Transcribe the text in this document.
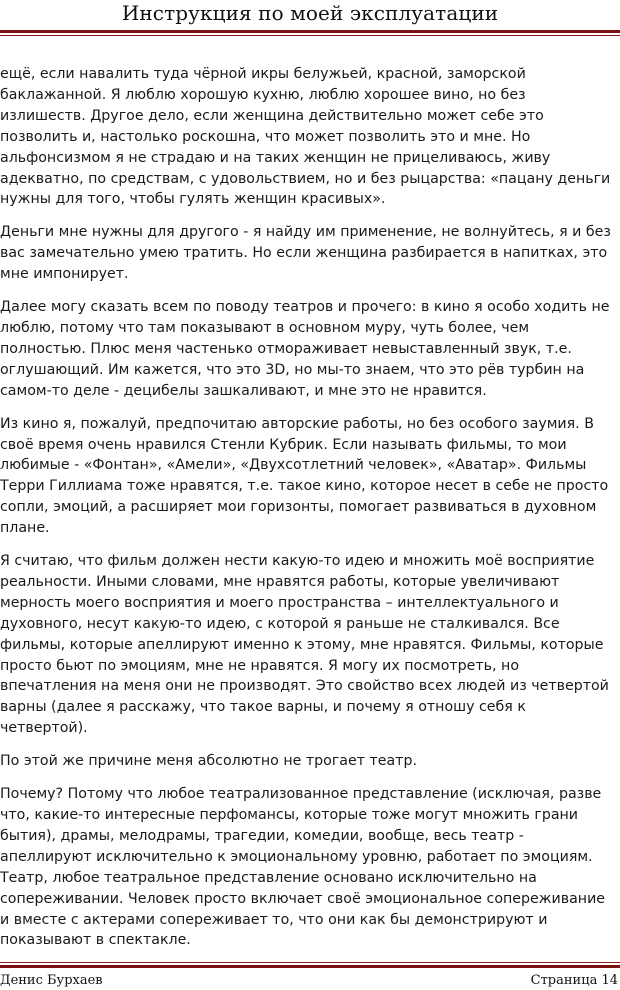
Инструкция по моей эксплуатации

ещё, если навалить туда чёрной икры белужьей, красной, заморской
баклажанной. Я люблю хорошую кухню, люблю хорошее вино, но без
излишеств. Другое дело, если женщина действительно может себе это
позволить и, настолько роскошна, что может позволить это и мне. Но
альфонсизмом я не страдаю и на таких женщин не прицеливаюсь, живу
адекватно, по средствам, с удовольствием, но и без рыцарства: «пацану деньги
нужны для того, чтобы гулять женщин красивых».

Деньги мне нужны для другого - я найду им применение, не волнуйтесь, я и без
вас замечательно умею тратить. Но если женщина разбирается в напитках, это
мне импонирует.

Далее могу сказать всем по поводу театров и прочего: в кино я особо ходить не
люблю, потому что там показывают в основном муру, чуть более, чем
полностью. Плюс меня частенько отмораживает невыставленный звук, т.е.
оглушающий. Им кажется, что это 3D, но мы-то знаем, что это рёв турбин на
самом-то деле - децибелы зашкаливают, и мне это не нравится.

Из кино я, пожалуй, предпочитаю авторские работы, но без особого заумия. В
своё время очень нравился Стенли Кубрик. Если называть фильмы, то мои
любимые - «Фонтан», «Амели», «Двухсотлетний человек», «Аватар». Фильмы
Терри Гиллиама тоже нравятся, т.е. такое кино, которое несет в себе не просто
сопли, эмоций, а расширяет мои горизонты, помогает развиваться в духовном
плане.

Я считаю, что фильм должен нести какую-то идею и множить моё восприятие
реальности. Иными словами, мне нравятся работы, которые увеличивают
мерность моего восприятия и моего пространства – интеллектуального и
духовного, несут какую-то идею, с которой я раньше не сталкивался. Все
фильмы, которые апеллируют именно к этому, мне нравятся. Фильмы, которые
просто бьют по эмоциям, мне не нравятся. Я могу их посмотреть, но
впечатления на меня они не производят. Это свойство всех людей из четвертой
варны (далее я расскажу, что такое варны, и почему я отношу себя к
четвертой).

По этой же причине меня абсолютно не трогает театр.

Почему? Потому что любое театрализованное представление (исключая, разве
что, какие-то интересные перфомансы, которые тоже могут множить грани
бытия), драмы, мелодрамы, трагедии, комедии, вообще, весь театр -
апеллируют исключительно к эмоциональному уровню, работает по эмоциям.
Театр, любое театральное представление основано исключительно на
сопереживании. Человек просто включает своё эмоциональное сопереживание
и вместе с актерами сопереживает то, что они как бы демонстрируют и
показывают в спектакле.

Денис Бурхаев	Страница 14
